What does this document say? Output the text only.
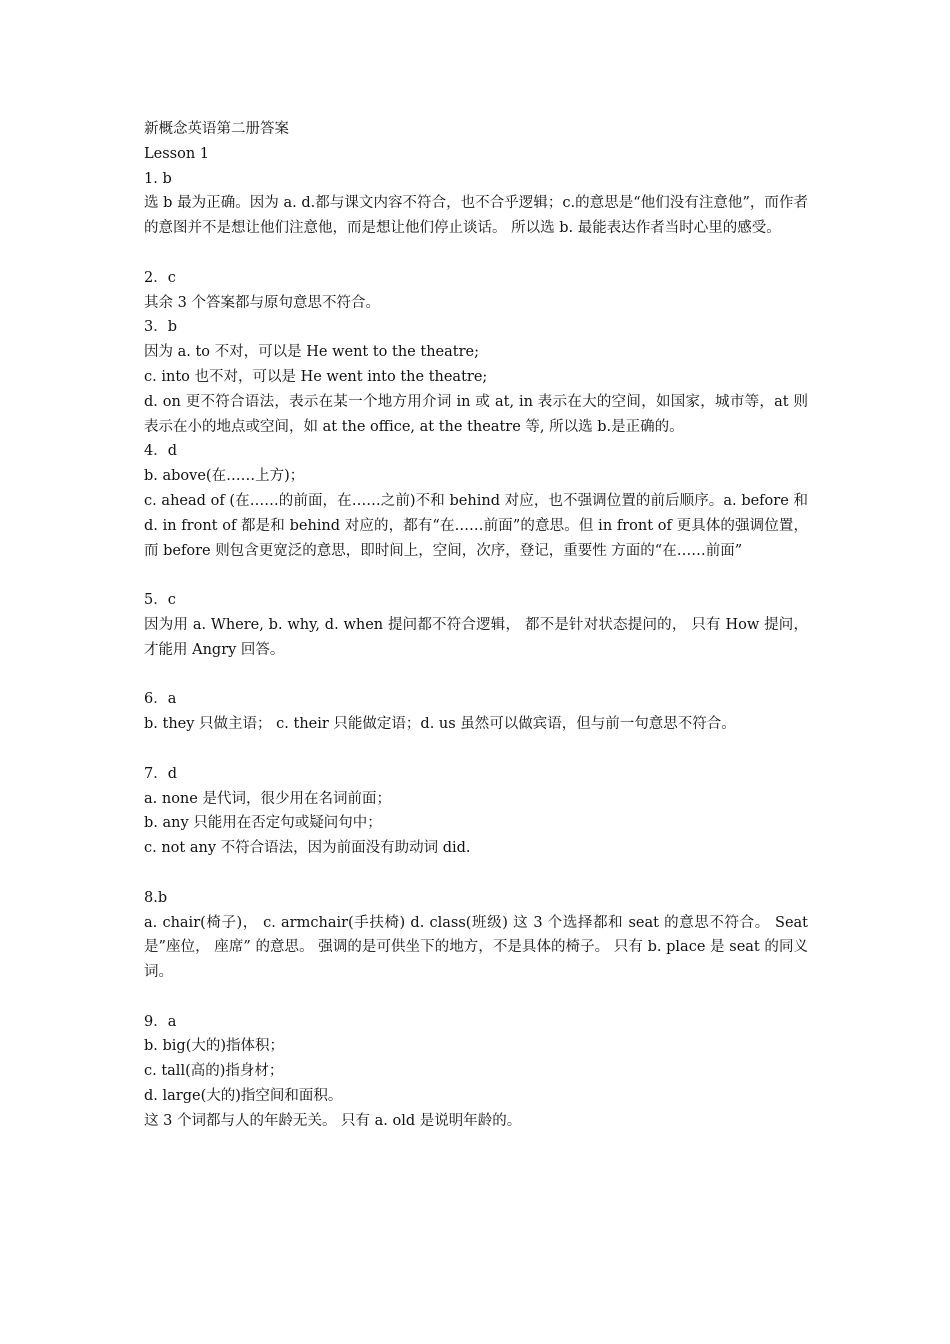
新概念英语第二册答案

Lesson 1

1. b

选 b 最为正确。因为 a. d.都与课文内容不符合，也不合乎逻辑；c.的意思是“他们没有注意他”，而作者的意图并不是想让他们注意他，而是想让他们停止谈话。 所以选 b. 最能表达作者当时心里的感受。

2．c

其余 3 个答案都与原句意思不符合。

3．b

因为 a. to 不对，可以是 He went to the theatre;

c. into 也不对，可以是 He went into the theatre;

d. on 更不符合语法，表示在某一个地方用介词 in 或 at, in 表示在大的空间，如国家，城市等，at 则表示在小的地点或空间，如 at the office, at the theatre 等, 所以选 b.是正确的。

4．d

b. above(在……上方)；

c. ahead of (在……的前面，在……之前)不和 behind 对应，也不强调位置的前后顺序。a. before 和 d. in front of 都是和 behind 对应的，都有“在……前面”的意思。但 in front of 更具体的强调位置，而 before 则包含更宽泛的意思，即时间上，空间，次序，登记，重要性 方面的“在……前面”

5．c

因为用 a. Where, b. why, d. when 提问都不符合逻辑， 都不是针对状态提问的， 只有 How 提问，才能用 Angry 回答。

6．a

b. they 只做主语； c. their 只能做定语；d. us 虽然可以做宾语，但与前一句意思不符合。

7．d

a. none 是代词，很少用在名词前面；

b. any 只能用在否定句或疑问句中；

c. not any 不符合语法，因为前面没有助动词 did.

8.b

a. chair(椅子)， c. armchair(手扶椅) d. class(班级) 这 3 个选择都和 seat 的意思不符合。 Seat 是”座位， 座席” 的意思。 强调的是可供坐下的地方，不是具体的椅子。 只有 b. place 是 seat 的同义词。

9．a

b. big(大的)指体积；

c. tall(高的)指身材；

d. large(大的)指空间和面积。

这 3 个词都与人的年龄无关。 只有 a. old 是说明年龄的。
